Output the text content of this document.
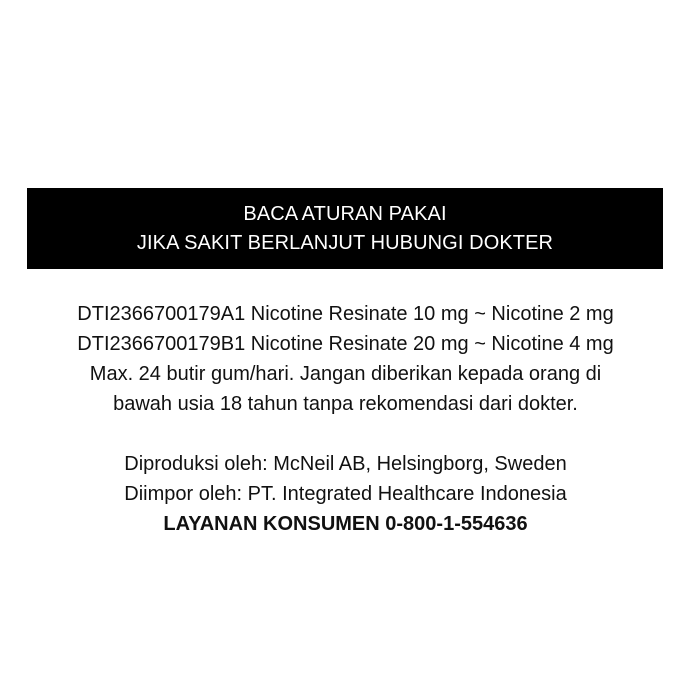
BACA ATURAN PAKAI
JIKA SAKIT BERLANJUT HUBUNGI DOKTER
DTI2366700179A1 Nicotine Resinate 10 mg ~ Nicotine 2 mg
DTI2366700179B1 Nicotine Resinate 20 mg ~ Nicotine 4 mg
Max. 24 butir gum/hari. Jangan diberikan kepada orang di
bawah usia 18 tahun tanpa rekomendasi dari dokter.
Diproduksi oleh: McNeil AB, Helsingborg, Sweden
Diimpor oleh: PT. Integrated Healthcare Indonesia
LAYANAN KONSUMEN 0-800-1-554636
